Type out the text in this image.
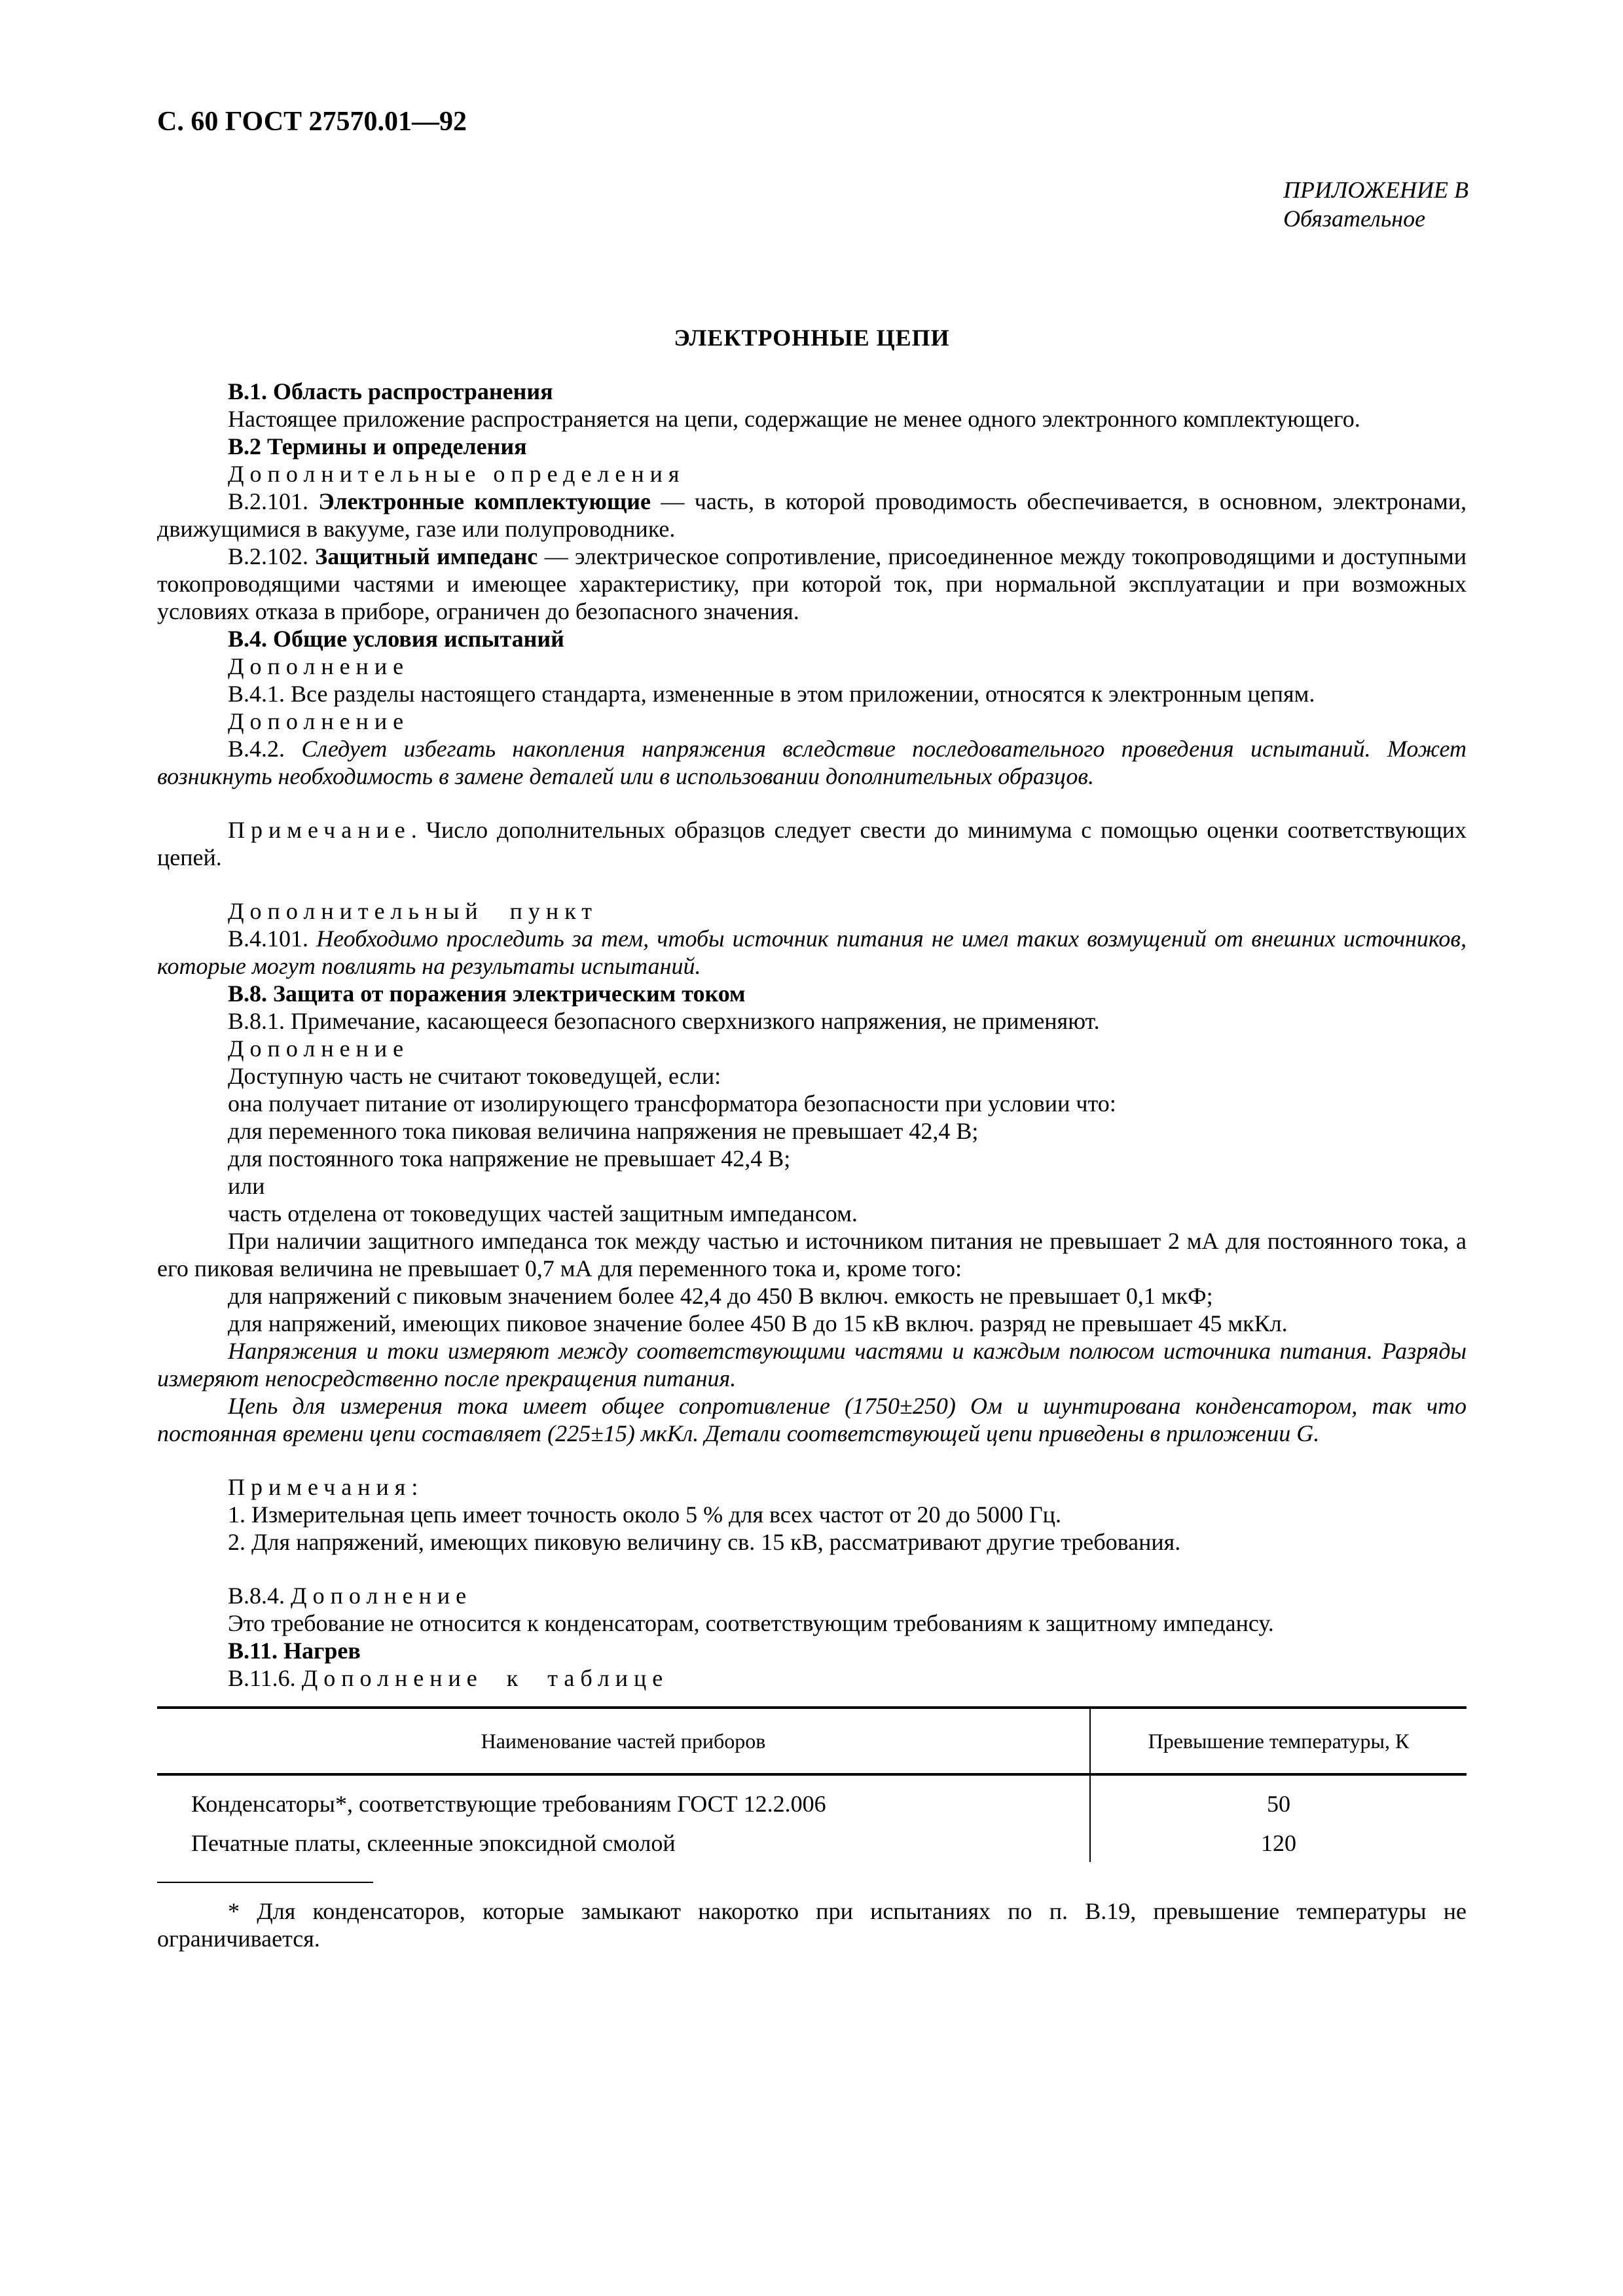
С. 60 ГОСТ 27570.01—92
ПРИЛОЖЕНИЕ В
Обязательное
ЭЛЕКТРОННЫЕ ЦЕПИ

В.1. Область распространения

Настоящее приложение распространяется на цепи, содержащие не менее одного электронного комплектующего.

В.2 Термины и определения

Дополнительные определения

В.2.101. Электронные комплектующие — часть, в которой проводимость обеспечивается, в основном, электронами, движущимися в вакууме, газе или полупроводнике.

В.2.102. Защитный импеданс — электрическое сопротивление, присоединенное между токопроводящими и доступными токопроводящими частями и имеющее характеристику, при которой ток, при нормальной эксплуатации и при возможных условиях отказа в приборе, ограничен до безопасного значения.

В.4. Общие условия испытаний

Дополнение

В.4.1. Все разделы настоящего стандарта, измененные в этом приложении, относятся к электронным цепям.

Дополнение

В.4.2. Следует избегать накопления напряжения вследствие последовательного проведения испытаний. Может возникнуть необходимость в замене деталей или в использовании дополнительных образцов.

Примечание. Число дополнительных образцов следует свести до минимума с помощью оценки соответствующих цепей.

Дополнительный пункт

В.4.101. Необходимо проследить за тем, чтобы источник питания не имел таких возмущений от внешних источников, которые могут повлиять на результаты испытаний.

В.8. Защита от поражения электрическим током

В.8.1. Примечание, касающееся безопасного сверхнизкого напряжения, не применяют.

Дополнение

Доступную часть не считают токоведущей, если:

она получает питание от изолирующего трансформатора безопасности при условии что:

для переменного тока пиковая величина напряжения не превышает 42,4 В;

для постоянного тока напряжение не превышает 42,4 В;

или

часть отделена от токоведущих частей защитным импедансом.

При наличии защитного импеданса ток между частью и источником питания не превышает 2 мА для постоянного тока, а его пиковая величина не превышает 0,7 мА для переменного тока и, кроме того:

для напряжений с пиковым значением более 42,4 до 450 В включ. емкость не превышает 0,1 мкФ;

для напряжений, имеющих пиковое значение более 450 В до 15 кВ включ. разряд не превышает 45 мкКл.

Напряжения и токи измеряют между соответствующими частями и каждым полюсом источника питания. Разряды измеряют непосредственно после прекращения питания.

Цепь для измерения тока имеет общее сопротивление (1750±250) Ом и шунтирована конденсатором, так что постоянная времени цепи составляет (225±15) мкКл. Детали соответствующей цепи приведены в приложении G.

Примечания:

1. Измерительная цепь имеет точность около 5 % для всех частот от 20 до 5000 Гц.

2. Для напряжений, имеющих пиковую величину св. 15 кВ, рассматривают другие требования.

В.8.4. Дополнение

Это требование не относится к конденсаторам, соответствующим требованиям к защитному импедансу.

В.11. Нагрев

В.11.6. Дополнение к таблице

Наименование частей приборов	Превышение температуры, К
Конденсаторы*, соответствующие требованиям ГОСТ 12.2.006	50
Печатные платы, склеенные эпоксидной смолой	120

* Для конденсаторов, которые замыкают накоротко при испытаниях по п. В.19, превышение температуры не ограничивается.
